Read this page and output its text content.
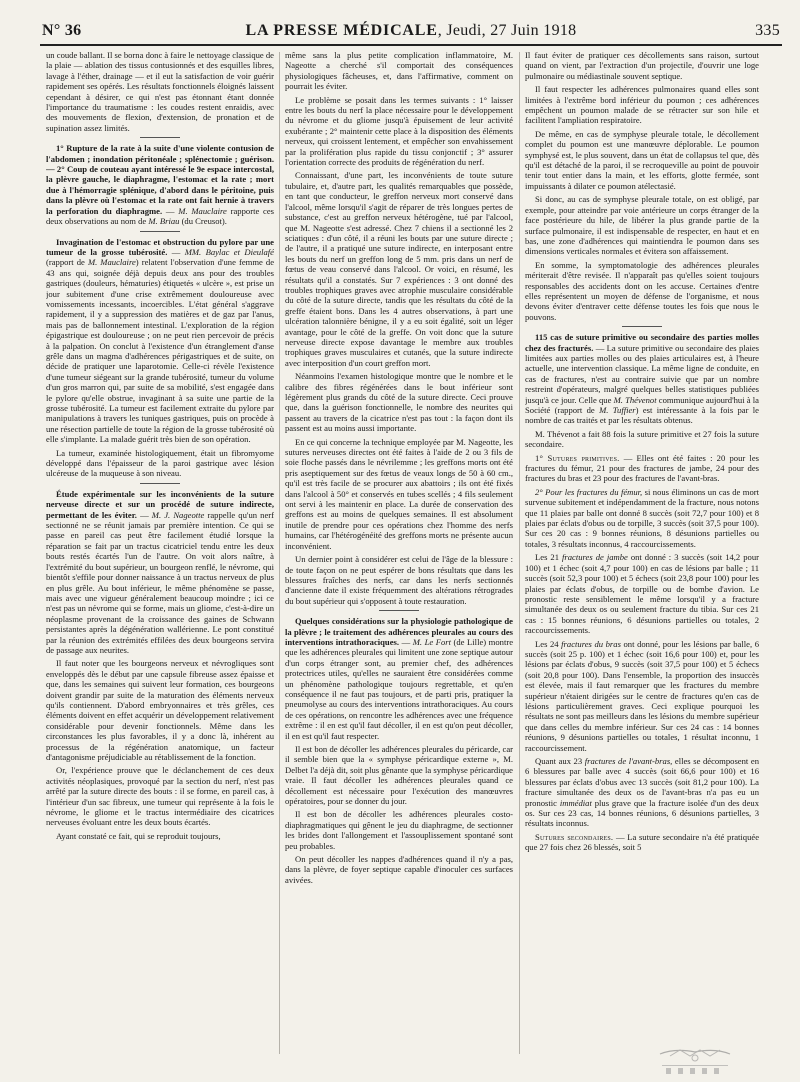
N° 36	LA PRESSE MÉDICALE, Jeudi, 27 Juin 1918	335

un coude ballant. Il se borna donc à faire le nettoyage classique de la plaie — ablation des tissus contusionnés et des esquilles libres, lavage à l'éther, drainage — et il eut la satisfaction de voir guérir rapidement ses opérés. Les résultats fonctionnels éloignés laissent cependant à désirer, ce qui n'est pas étonnant étant donnée l'importance du traumatisme : les coudes restent enraidis, avec des mouvements de flexion, d'extension, de pronation et de supination assez limités.

1° Rupture de la rate à la suite d'une violente contusion de l'abdomen ; inondation péritonéale ; splénectomie ; guérison. — 2° Coup de couteau ayant intéressé le 9e espace intercostal, la plèvre gauche, le diaphragme, l'estomac et la rate ; mort due à l'hémorragie splénique, d'abord dans le péritoine, puis dans la plèvre où l'estomac et la rate ont fait hernie à travers la perforation du diaphragme. — M. Mauclaire rapporte ces deux observations au nom de M. Briau (du Creusot).

Invagination de l'estomac et obstruction du pylore par une tumeur de la grosse tubérosité. — MM. Baylac et Dieulafé (rapport de M. Mauclaire) relatent l'observation d'une femme de 43 ans qui, soignée déjà depuis deux ans pour des troubles gastriques (douleurs, hématuries) étiquetés « ulcère », est prise un jour subitement d'une crise extrêmement douloureuse avec vomissements incessants, incoercibles. L'état général s'aggrave rapidement, il y a suppression des matières et de gaz par l'anus, mais pas de ballonnement intestinal. L'exploration de la région épigastrique est douloureuse ; on ne peut rien percevoir de précis à la palpation. On conclut à l'existence d'un étranglement d'anse grêle dans un magma d'adhérences périgastriques et de suite, on décide de pratiquer une laparotomie. Celle-ci révèle l'existence d'une tumeur siégeant sur la grande tubérosité, tumeur du volume d'un gros marron qui, par suite de sa mobilité, s'est engagée dans le pylore qu'elle obstrue, invaginant à sa suite une partie de la grosse tubérosité. La tumeur est facilement extraite du pylore par manipulations à travers les tuniques gastriques, puis on procède à une résection partielle de toute la région de la grosse tubérosité où elle s'implante. La malade guérit très bien de son opération.

La tumeur, examinée histologiquement, était un fibromyome développé dans l'épaisseur de la paroi gastrique avec lésion ulcéreuse de la muqueuse à son niveau.

Étude expérimentale sur les inconvénients de la suture nerveuse directe et sur un procédé de suture indirecte, permettant de les éviter. — M. J. Nageotte rappelle qu'un nerf sectionné ne se réunit jamais par première intention. Ce qui se passe en pareil cas peut être facilement étudié lorsque la réparation se fait par un tractus cicatriciel tendu entre les deux bouts restés écartés l'un de l'autre. On voit alors naître, à l'extrémité du bout supérieur, un bourgeon renflé, le névrome, qui bientôt s'effile pour donner naissance à un tractus nerveux de plus en plus grêle. Au bout inférieur, le même phénomène se passe, mais avec une vigueur généralement beaucoup moindre ; ici ce n'est pas un névrome qui se forme, mais un gliome, c'est-à-dire un néoplasme provenant de la croissance des gaines de Schwann persistantes après la dégénération wallérienne. Le pont constitué par la réunion des extrémités effilées des deux bourgeons servira de passage aux neurites.

Il faut noter que les bourgeons nerveux et névrogliques sont enveloppés dès le début par une capsule fibreuse assez épaisse et que, dans les semaines qui suivent leur formation, ces bourgeons doivent grandir par suite de la maturation des éléments nerveux qu'ils contiennent. D'abord embryonnaires et très grêles, ces éléments doivent en effet acquérir un développement relativement considérable pour devenir fonctionnels. Même dans les circonstances les plus favorables, il y a donc là, inhérent au processus de la régénération anatomique, un facteur d'antagonisme préjudiciable au rétablissement de la fonction.

Or, l'expérience prouve que le déclanchement de ces deux activités néoplasiques, provoqué par la section du nerf, n'est pas arrêté par la suture directe des bouts : il se forme, en pareil cas, à l'intérieur d'un sac fibreux, une tumeur qui représente à la fois le névrome, le gliome et le tractus intermédiaire des cicatrices nerveuses évoluant entre les deux bouts écartés.

Ayant constaté ce fait, qui se reproduit toujours,

même sans la plus petite complication inflammatoire, M. Nageotte a cherché s'il comportait des conséquences physiologiques fâcheuses, et, dans l'affirmative, comment on pourrait les éviter.

Le problème se posait dans les termes suivants : 1° laisser entre les bouts du nerf la place nécessaire pour le développement du névrome et du gliome jusqu'à épuisement de leur activité exubérante ; 2° maintenir cette place à la disposition des éléments nerveux, qui croissent lentement, et empêcher son envahissement par la prolifération plus rapide du tissu conjonctif ; 3° assurer l'orientation correcte des produits de régénération du nerf.

Connaissant, d'une part, les inconvénients de toute suture tubulaire, et, d'autre part, les qualités remarquables que possède, en tant que conducteur, le greffon nerveux mort conservé dans l'alcool, même lorsqu'il s'agit de réparer de très longues pertes de substance, c'est au greffon nerveux hétérogène, tué par l'alcool, que M. Nageotte s'est adressé. Chez 7 chiens il a sectionné les 2 sciatiques : d'un côté, il a réuni les bouts par une suture directe ; de l'autre, il a pratiqué une suture indirecte, en interposant entre les bouts du nerf un greffon long de 5 mm. pris dans un nerf de fœtus de veau conservé dans l'alcool. Or voici, en résumé, les résultats qu'il a constatés. Sur 7 expériences : 3 ont donné des troubles trophiques graves avec atrophie musculaire considérable du côté de la suture directe, tandis que les résultats du côté de la greffe étaient bons. Dans les 4 autres observations, à part une ulcération talonnière bénigne, il y a eu soit égalité, soit un léger avantage, pour le côté de la greffe. On voit donc que la suture nerveuse directe expose davantage le membre aux troubles trophiques graves musculaires et cutanés, que la suture indirecte avec interposition d'un court greffon mort.

Néanmoins l'examen histologique montre que le nombre et le calibre des fibres régénérées dans le bout inférieur sont légèrement plus grands du côté de la suture directe. Ceci prouve que, dans la guérison fonctionnelle, le nombre des neurites qui passent au travers de la cicatrice n'est pas tout : la façon dont ils passent est au moins aussi importante.

En ce qui concerne la technique employée par M. Nageotte, les sutures nerveuses directes ont été faites à l'aide de 2 ou 3 fils de soie floche passés dans le névrilemme ; les greffons morts ont été pris aseptiquement sur des fœtus de veaux longs de 50 à 60 cm., qu'il est très facile de se procurer aux abattoirs ; ils ont été fixés dans l'alcool à 50° et conservés en tubes scellés ; 4 fils seulement ont servi à les maintenir en place. La durée de conservation des greffons est au moins de quelques semaines. Il est absolument inutile de prendre pour ces opérations chez l'homme des nerfs humains, car l'hétérogénéité des greffons morts ne présente aucun inconvénient.

Un dernier point à considérer est celui de l'âge de la blessure : de toute façon on ne peut espérer de bons résultats que dans les blessures fraîches des nerfs, car dans les nerfs sectionnés d'ancienne date il existe fréquemment des altérations rétrogrades du bout supérieur qui s'opposent à toute restauration.

Quelques considérations sur la physiologie pathologique de la plèvre ; le traitement des adhérences pleurales au cours des interventions intrathoraciques. — M. Le Fort (de Lille) montre que les adhérences pleurales qui limitent une zone septique autour d'un corps étranger sont, au premier chef, des adhérences protectrices utiles, qu'elles ne sauraient être considérées comme un phénomène pathologique toujours regrettable, et qu'en conséquence il ne faut pas toujours, et de parti pris, pratiquer la pneumolyse au cours des interventions intrathoraciques. Au cours de ces opérations, on rencontre les adhérences avec une fréquence extrême : il en est qu'il faut décoller, il en est qu'on peut décoller, il en est qu'il faut respecter.

Il est bon de décoller les adhérences pleurales du péricarde, car il semble bien que la « symphyse péricardique externe », M. Delbet l'a déjà dit, soit plus gênante que la symphyse péricardique vraie. Il faut décoller les adhérences pleurales quand ce décollement est nécessaire pour l'exécution des manœuvres opératoires, pour se donner du jour.

Il est bon de décoller les adhérences pleurales costo-diaphragmatiques qui gênent le jeu du diaphragme, de sectionner les brides dont l'allongement et l'assouplissement spontané sont peu probables.

On peut décoller les nappes d'adhérences quand il n'y a pas, dans la plèvre, de foyer septique capable d'inoculer ces surfaces avivées.

Il faut éviter de pratiquer ces décollements sans raison, surtout quand on vient, par l'extraction d'un projectile, d'ouvrir une loge pulmonaire ou médiastinale souvent septique.

Il faut respecter les adhérences pulmonaires quand elles sont limitées à l'extrême bord inférieur du poumon ; ces adhérences empêchent un poumon malade de se rétracter sur son hile et facilitent l'ampliation respiratoire.

De même, en cas de symphyse pleurale totale, le décollement complet du poumon est une manœuvre déplorable. Le poumon symphysé est, le plus souvent, dans un état de collapsus tel que, dès qu'il est détaché de la paroi, il se recroqueville au point de pouvoir tenir tout entier dans la main, et les efforts, glotte fermée, sont impuissants à dilater ce poumon atélectasié.

Si donc, au cas de symphyse pleurale totale, on est obligé, par exemple, pour atteindre par voie antérieure un corps étranger de la face postérieure du hile, de libérer la plus grande partie de la surface pulmonaire, il est indispensable de respecter, en haut et en bas, une zone d'adhérences qui maintiendra le poumon dans ses dimensions verticales normales et évitera son affaissement.

En somme, la symptomatologie des adhérences pleurales mériterait d'être revisée. Il n'apparaît pas qu'elles soient toujours responsables des accidents dont on les accuse. Certaines d'entre elles représentent un moyen de défense de l'organisme, et nous devons éviter d'entraver cette défense toutes les fois que nous le pouvons.

115 cas de suture primitive ou secondaire des parties molles chez des fracturés. — La suture primitive ou secondaire des plaies limitées aux parties molles ou des plaies articulaires est, à l'heure actuelle, une intervention classique. La même ligne de conduite, en cas de fractures, n'est au contraire suivie que par un nombre restreint d'opérateurs, malgré quelques belles statistiques publiées jusqu'à ce jour. Celle que M. Thévenot communique aujourd'hui à la Société (rapport de M. Tuffier) est intéressante à la fois par le nombre de cas traités et par les résultats obtenus.

M. Thévenot a fait 88 fois la suture primitive et 27 fois la suture secondaire.

1° Sutures primitives. — Elles ont été faites : 20 pour les fractures du fémur, 21 pour des fractures de jambe, 24 pour des fractures du bras et 23 pour des fractures de l'avant-bras.

2° Pour les fractures du fémur, si nous éliminons un cas de mort survenue subitement et indépendamment de la fracture, nous notons que 11 plaies par balle ont donné 8 succès (soit 72,7 pour 100) et 8 plaies par éclats d'obus ou de torpille, 3 succès (soit 37,5 pour 100). Sur ces 20 cas : 9 bonnes réunions, 8 désunions partielles ou totales, 3 résultats inconnus, 4 raccourcissements.

Les 21 fractures de jambe ont donné : 3 succès (soit 14,2 pour 100) et 1 échec (soit 4,7 pour 100) en cas de lésions par balle ; 11 succès (soit 52,3 pour 100) et 5 échecs (soit 23,8 pour 100) pour les plaies par éclats d'obus, de torpille ou de bombe d'avion. Le pronostic reste sensiblement le même lorsqu'il y a fracture simultanée des deux os ou seulement fracture du tibia. Sur ces 21 cas : 15 bonnes réunions, 6 désunions partielles ou totales, 2 raccourcissements.

Les 24 fractures du bras ont donné, pour les lésions par balle, 6 succès (soit 25 p. 100) et 1 échec (soit 16,6 pour 100) et, pour les lésions par éclats d'obus, 9 succès (soit 37,5 pour 100) et 5 échecs (soit 20,8 pour 100). Dans l'ensemble, la proportion des insuccès est élevée, mais il faut remarquer que les fractures du membre supérieur n'étaient dirigées sur le centre de fractures qu'en cas de lésions particulièrement graves. Ceci explique pourquoi les résultats ne sont pas meilleurs dans les lésions du membre supérieur que dans celles du membre inférieur. Sur ces 24 cas : 14 bonnes réunions, 9 désunions partielles ou totales, 1 résultat inconnu, 1 raccourcissement.

Quant aux 23 fractures de l'avant-bras, elles se décomposent en 6 blessures par balle avec 4 succès (soit 66,6 pour 100) et 16 blessures par éclats d'obus avec 13 succès (soit 81,2 pour 100). La fracture simultanée des deux os de l'avant-bras n'a pas eu un pronostic immédiat plus grave que la fracture isolée d'un des deux os. Sur ces 23 cas, 14 bonnes réunions, 6 désunions partielles, 3 résultats inconnus.

Sutures secondaires. — La suture secondaire n'a été pratiquée que 27 fois chez 26 blessés, soit 5
